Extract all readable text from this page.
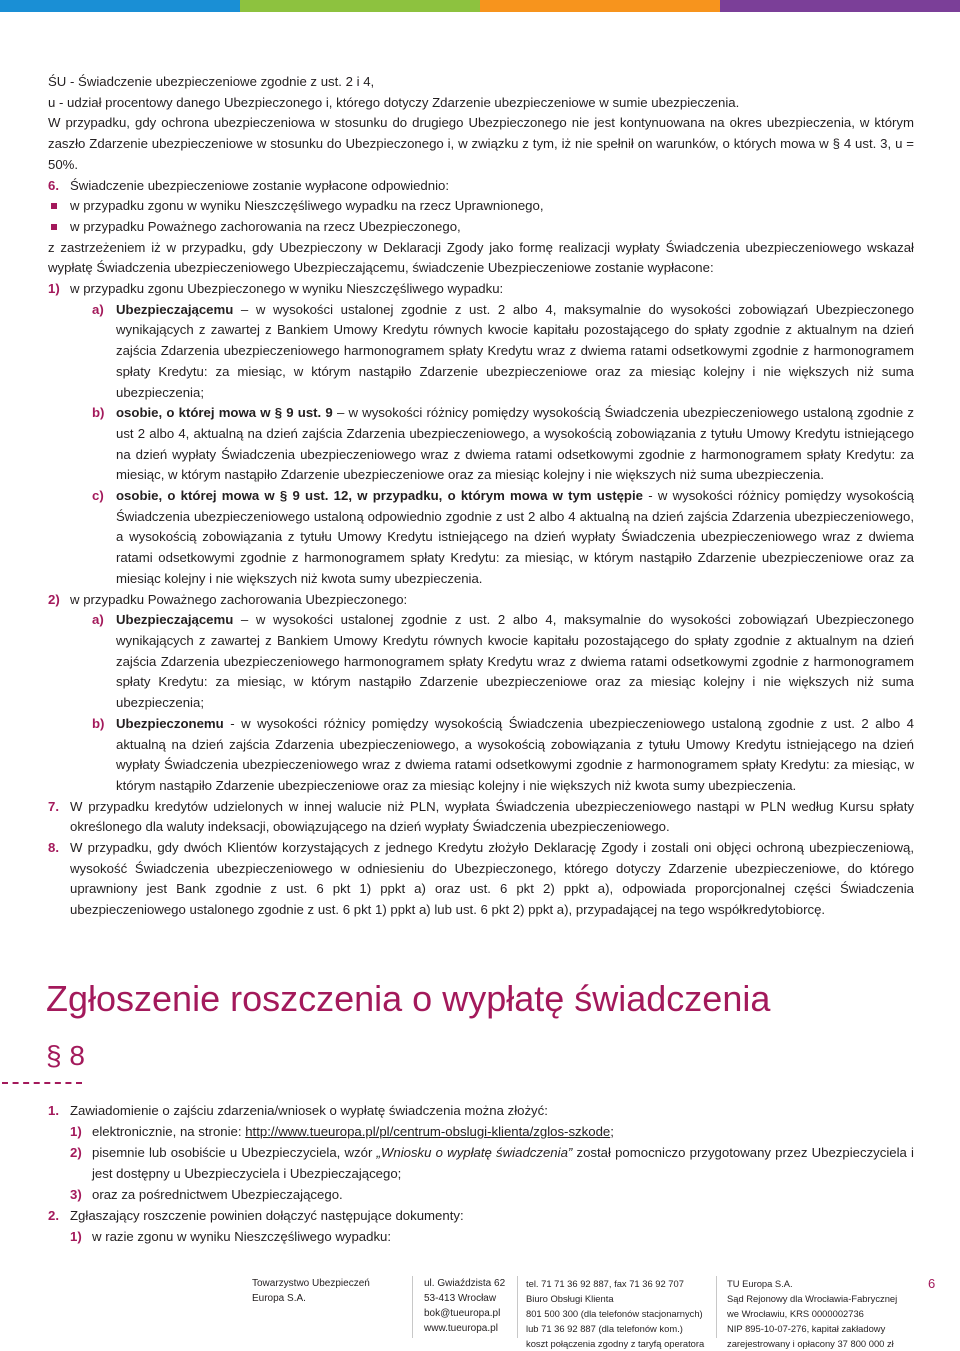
ŚU - Świadczenie ubezpieczeniowe zgodnie z ust. 2 i 4,

u - udział procentowy danego Ubezpieczonego i, którego dotyczy Zdarzenie ubezpieczeniowe w sumie ubezpieczenia.

W przypadku, gdy ochrona ubezpieczeniowa w stosunku do drugiego Ubezpieczonego nie jest kontynuowana na okres ubezpieczenia, w którym zaszło Zdarzenie ubezpieczeniowe w stosunku do Ubezpieczonego i, w związku z tym, iż nie spełnił on warunków, o których mowa w § 4 ust. 3, u = 50%.

6. Świadczenie ubezpieczeniowe zostanie wypłacone odpowiednio:

w przypadku zgonu w wyniku Nieszczęśliwego wypadku na rzecz Uprawnionego,

w przypadku Poważnego zachorowania na rzecz Ubezpieczonego,

z zastrzeżeniem iż w przypadku, gdy Ubezpieczony w Deklaracji Zgody jako formę realizacji wypłaty Świadczenia ubezpieczeniowego wskazał wypłatę Świadczenia ubezpieczeniowego Ubezpieczającemu, świadczenie Ubezpieczeniowe zostanie wypłacone:

1) w przypadku zgonu Ubezpieczonego w wyniku Nieszczęśliwego wypadku:

a) Ubezpieczającemu – w wysokości ustalonej zgodnie z ust. 2 albo 4, maksymalnie do wysokości zobowiązań Ubezpieczonego wynikających z zawartej z Bankiem Umowy Kredytu równych kwocie kapitału pozostającego do spłaty zgodnie z aktualnym na dzień zajścia Zdarzenia ubezpieczeniowego harmonogramem spłaty Kredytu wraz z dwiema ratami odsetkowymi zgodnie z harmonogramem spłaty Kredytu: za miesiąc, w którym nastąpiło Zdarzenie ubezpieczeniowe oraz za miesiąc kolejny i nie większych niż suma ubezpieczenia;

b) osobie, o której mowa w § 9 ust. 9 – w wysokości różnicy pomiędzy wysokością Świadczenia ubezpieczeniowego ustaloną zgodnie z ust 2 albo 4, aktualną na dzień zajścia Zdarzenia ubezpieczeniowego, a wysokością zobowiązania z tytułu Umowy Kredytu istniejącego na dzień wypłaty Świadczenia ubezpieczeniowego wraz z dwiema ratami odsetkowymi zgodnie z harmonogramem spłaty Kredytu: za miesiąc, w którym nastąpiło Zdarzenie ubezpieczeniowe oraz za miesiąc kolejny i nie większych niż suma ubezpieczenia.

c) osobie, o której mowa w § 9 ust. 12, w przypadku, o którym mowa w tym ustępie - w wysokości różnicy pomiędzy wysokością Świadczenia ubezpieczeniowego ustaloną odpowiednio zgodnie z ust 2 albo 4 aktualną na dzień zajścia Zdarzenia ubezpieczeniowego, a wysokością zobowiązania z tytułu Umowy Kredytu istniejącego na dzień wypłaty Świadczenia ubezpieczeniowego wraz z dwiema ratami odsetkowymi zgodnie z harmonogramem spłaty Kredytu: za miesiąc, w którym nastąpiło Zdarzenie ubezpieczeniowe oraz za miesiąc kolejny i nie większych niż kwota sumy ubezpieczenia.

2) w przypadku Poważnego zachorowania Ubezpieczonego:

a) Ubezpieczającemu – w wysokości ustalonej zgodnie z ust. 2 albo 4, maksymalnie do wysokości zobowiązań Ubezpieczonego wynikających z zawartej z Bankiem Umowy Kredytu równych kwocie kapitału pozostającego do spłaty zgodnie z aktualnym na dzień zajścia Zdarzenia ubezpieczeniowego harmonogramem spłaty Kredytu wraz z dwiema ratami odsetkowymi zgodnie z harmonogramem spłaty Kredytu: za miesiąc, w którym nastąpiło Zdarzenie ubezpieczeniowe oraz za miesiąc kolejny i nie większych niż suma ubezpieczenia;

b) Ubezpieczonemu - w wysokości różnicy pomiędzy wysokością Świadczenia ubezpieczeniowego ustaloną zgodnie z ust. 2 albo 4 aktualną na dzień zajścia Zdarzenia ubezpieczeniowego, a wysokością zobowiązania z tytułu Umowy Kredytu istniejącego na dzień wypłaty Świadczenia ubezpieczeniowego wraz z dwiema ratami odsetkowymi zgodnie z harmonogramem spłaty Kredytu: za miesiąc, w którym nastąpiło Zdarzenie ubezpieczeniowe oraz za miesiąc kolejny i nie większych niż kwota sumy ubezpieczenia.

7. W przypadku kredytów udzielonych w innej walucie niż PLN, wypłata Świadczenia ubezpieczeniowego nastąpi w PLN według Kursu spłaty określonego dla waluty indeksacji, obowiązującego na dzień wypłaty Świadczenia ubezpieczeniowego.

8. W przypadku, gdy dwóch Klientów korzystających z jednego Kredytu złożyło Deklarację Zgody i zostali oni objęci ochroną ubezpieczeniową, wysokość Świadczenia ubezpieczeniowego w odniesieniu do Ubezpieczonego, którego dotyczy Zdarzenie ubezpieczeniowe, do którego uprawniony jest Bank zgodnie z ust. 6 pkt 1) ppkt a) oraz ust. 6 pkt 2) ppkt a), odpowiada proporcjonalnej części Świadczenia ubezpieczeniowego ustalonego zgodnie z ust. 6 pkt 1) ppkt a) lub ust. 6 pkt 2) ppkt a), przypadającej na tego współkredytobiorcę.

Zgłoszenie roszczenia o wypłatę świadczenia
§ 8

1. Zawiadomienie o zajściu zdarzenia/wniosek o wypłatę świadczenia można złożyć:

1) elektronicznie, na stronie: http://www.tueuropa.pl/pl/centrum-obslugi-klienta/zglos-szkode;

2) pisemnie lub osobiście u Ubezpieczyciela, wzór „Wniosku o wypłatę świadczenia” został pomocniczo przygotowany przez Ubezpieczyciela i jest dostępny u Ubezpieczyciela i Ubezpieczającego;

3) oraz za pośrednictwem Ubezpieczającego.

2. Zgłaszający roszczenie powinien dołączyć następujące dokumenty:

1) w razie zgonu w wyniku Nieszczęśliwego wypadku:

Towarzystwo Ubezpieczeń
Europa S.A.
ul. Gwiaździsta 62
53-413 Wrocław
bok@tueuropa.pl
www.tueuropa.pl
tel. 71 71 36 92 887, fax 71 36 92 707
Biuro Obsługi Klienta
801 500 300 (dla telefonów stacjonarnych)
lub 71 36 92 887 (dla telefonów kom.)
koszt połączenia zgodny z taryfą operatora
TU Europa S.A.
Sąd Rejonowy dla Wrocławia-Fabrycznej
we Wrocławiu, KRS 0000002736
NIP 895-10-07-276, kapitał zakładowy
zarejestrowany i opłacony 37 800 000 zł
6
